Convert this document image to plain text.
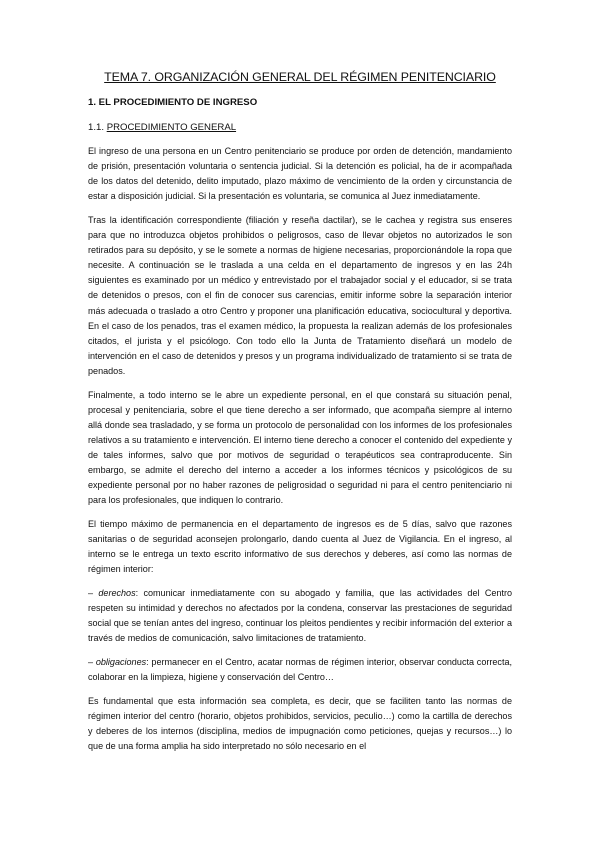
TEMA 7. ORGANIZACIÓN GENERAL DEL RÉGIMEN PENITENCIARIO
1. EL PROCEDIMIENTO DE INGRESO
1.1. PROCEDIMIENTO GENERAL

El ingreso de una persona en un Centro penitenciario se produce por orden de detención, mandamiento de prisión, presentación voluntaria o sentencia judicial. Si la detención es policial, ha de ir acompañada de los datos del detenido, delito imputado, plazo máximo de vencimiento de la orden y circunstancia de estar a disposición judicial. Si la presentación es voluntaria, se comunica al Juez inmediatamente.

Tras la identificación correspondiente (filiación y reseña dactilar), se le cachea y registra sus enseres para que no introduzca objetos prohibidos o peligrosos, caso de llevar objetos no autorizados le son retirados para su depósito, y se le somete a normas de higiene necesarias, proporcionándole la ropa que necesite. A continuación se le traslada a una celda en el departamento de ingresos y en las 24h siguientes es examinado por un médico y entrevistado por el trabajador social y el educador, si se trata de detenidos o presos, con el fin de conocer sus carencias, emitir informe sobre la separación interior más adecuada o traslado a otro Centro y proponer una planificación educativa, sociocultural y deportiva. En el caso de los penados, tras el examen médico, la propuesta la realizan además de los profesionales citados, el jurista y el psicólogo. Con todo ello la Junta de Tratamiento diseñará un modelo de intervención en el caso de detenidos y presos y un programa individualizado de tratamiento si se trata de penados.

Finalmente, a todo interno se le abre un expediente personal, en el que constará su situación penal, procesal y penitenciaria, sobre el que tiene derecho a ser informado, que acompaña siempre al interno allá donde sea trasladado, y se forma un protocolo de personalidad con los informes de los profesionales relativos a su tratamiento e intervención. El interno tiene derecho a conocer el contenido del expediente y de tales informes, salvo que por motivos de seguridad o terapéuticos sea contraproducente. Sin embargo, se admite el derecho del interno a acceder a los informes técnicos y psicológicos de su expediente personal por no haber razones de peligrosidad o seguridad ni para el centro penitenciario ni para los profesionales, que indiquen lo contrario.

El tiempo máximo de permanencia en el departamento de ingresos es de 5 días, salvo que razones sanitarias o de seguridad aconsejen prolongarlo, dando cuenta al Juez de Vigilancia. En el ingreso, al interno se le entrega un texto escrito informativo de sus derechos y deberes, así como las normas de régimen interior:

– derechos: comunicar inmediatamente con su abogado y familia, que las actividades del Centro respeten su intimidad y derechos no afectados por la condena, conservar las prestaciones de seguridad social que se tenían antes del ingreso, continuar los pleitos pendientes y recibir información del exterior a través de medios de comunicación, salvo limitaciones de tratamiento.

– obligaciones: permanecer en el Centro, acatar normas de régimen interior, observar conducta correcta, colaborar en la limpieza, higiene y conservación del Centro…

Es fundamental que esta información sea completa, es decir, que se faciliten tanto las normas de régimen interior del centro (horario, objetos prohibidos, servicios, peculio…) como la cartilla de derechos y deberes de los internos (disciplina, medios de impugnación como peticiones, quejas y recursos…) lo que de una forma amplia ha sido interpretado no sólo necesario en el
